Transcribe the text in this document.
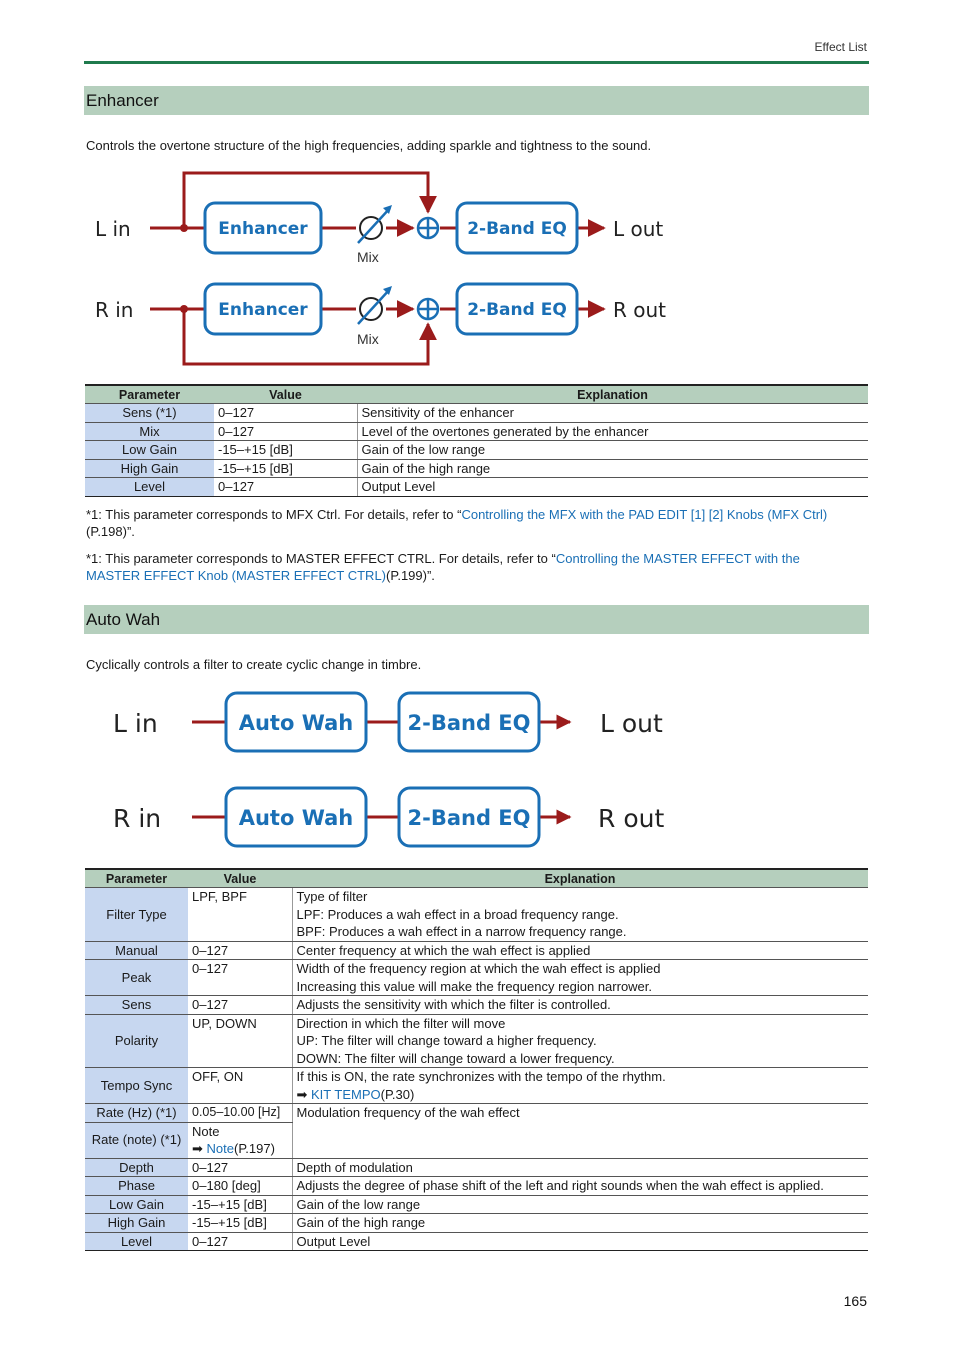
Effect List
Enhancer
Controls the overtone structure of the high frequencies, adding sparkle and tightness to the sound.
L in
R in
L out
R out
Enhancer
Enhancer
2-Band EQ
2-Band EQ
Mix
Mix
Parameter	Value	Explanation
Sens (*1)	0–127	Sensitivity of the enhancer
Mix	0–127	Level of the overtones generated by the enhancer
Low Gain	-15–+15 [dB]	Gain of the low range
High Gain	-15–+15 [dB]	Gain of the high range
Level	0–127	Output Level
*1: This parameter corresponds to MFX Ctrl. For details, refer to “Controlling the MFX with the PAD EDIT [1] [2] Knobs (MFX Ctrl)(P.198)”.
*1: This parameter corresponds to MASTER EFFECT CTRL. For details, refer to “Controlling the MASTER EFFECT with the MASTER EFFECT Knob (MASTER EFFECT CTRL)(P.199)”.
Auto Wah
Cyclically controls a filter to create cyclic change in timbre.
L in
R in
L out
R out
Auto Wah
Auto Wah
2-Band EQ
2-Band EQ
Parameter	Value	Explanation
Filter Type	LPF, BPF	Type of filter
LPF: Produces a wah effect in a broad frequency range.
BPF: Produces a wah effect in a narrow frequency range.

Manual	0–127	Center frequency at which the wah effect is applied
Peak	0–127	Width of the frequency region at which the wah effect is applied
Increasing this value will make the frequency region narrower.

Sens	0–127	Adjusts the sensitivity with which the filter is controlled.
Polarity	UP, DOWN	Direction in which the filter will move
UP: The filter will change toward a higher frequency.
DOWN: The filter will change toward a lower frequency.

Tempo Sync	OFF, ON	If this is ON, the rate synchronizes with the tempo of the rhythm.
➡ KIT TEMPO(P.30)

Rate (Hz) (*1)	0.05–10.00 [Hz]	Modulation frequency of the wah effect
Rate (note) (*1)	Note
➡ Note(P.197)	

Depth	0–127	Depth of modulation
Phase	0–180 [deg]	Adjusts the degree of phase shift of the left and right sounds when the wah effect is applied.
Low Gain	-15–+15 [dB]	Gain of the low range
High Gain	-15–+15 [dB]	Gain of the high range
Level	0–127	Output Level
165
